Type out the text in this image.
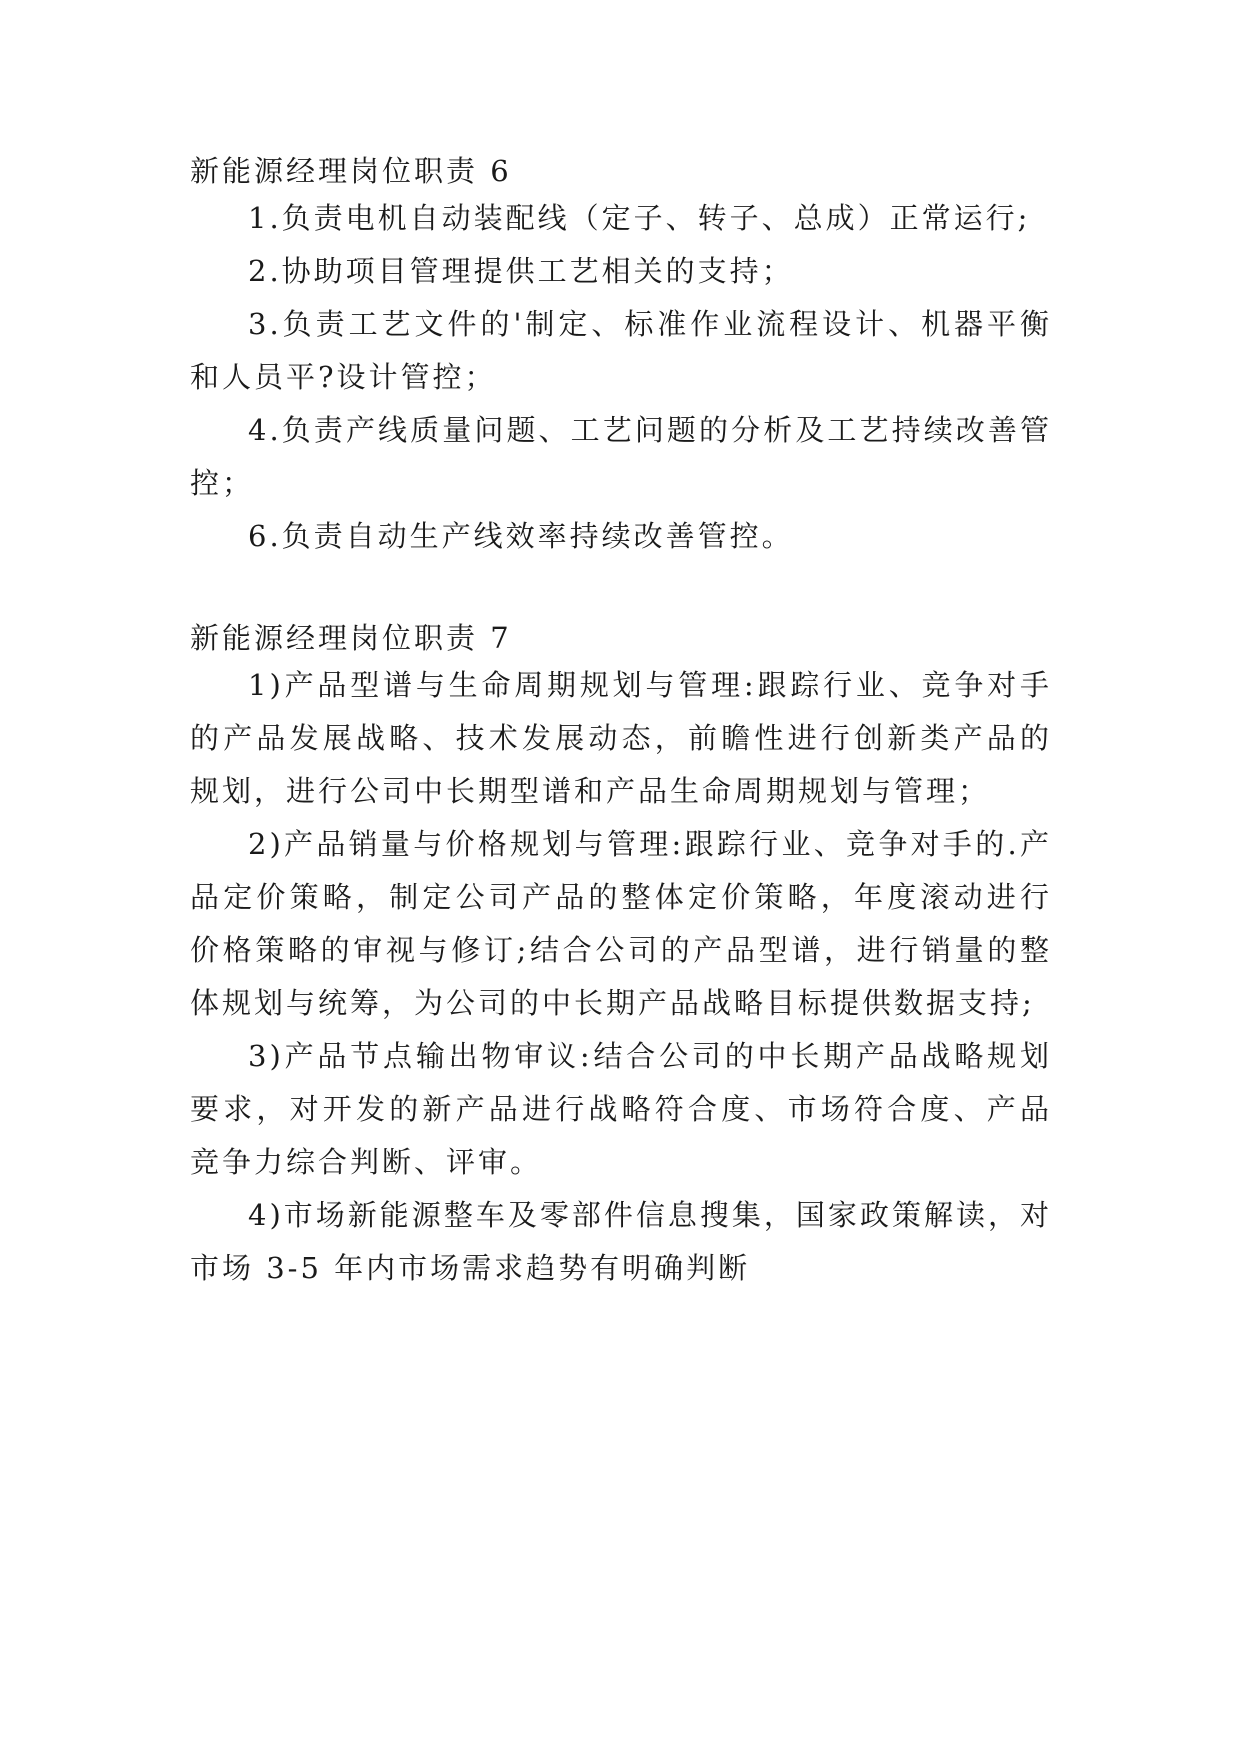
新能源经理岗位职责 6

1.负责电机自动装配线（定子、转子、总成）正常运行;

2.协助项目管理提供工艺相关的支持；

3.负责工艺文件的'制定、标准作业流程设计、机器平衡和人员平?设计管控；

4.负责产线质量问题、工艺问题的分析及工艺持续改善管控；

6.负责自动生产线效率持续改善管控。

新能源经理岗位职责 7

1)产品型谱与生命周期规划与管理:跟踪行业、竞争对手的产品发展战略、技术发展动态，前瞻性进行创新类产品的规划，进行公司中长期型谱和产品生命周期规划与管理；

2)产品销量与价格规划与管理:跟踪行业、竞争对手的.产品定价策略，制定公司产品的整体定价策略，年度滚动进行价格策略的审视与修订;结合公司的产品型谱，进行销量的整体规划与统筹，为公司的中长期产品战略目标提供数据支持;

3)产品节点输出物审议:结合公司的中长期产品战略规划要求，对开发的新产品进行战略符合度、市场符合度、产品竞争力综合判断、评审。

4)市场新能源整车及零部件信息搜集，国家政策解读，对市场 3-5 年内市场需求趋势有明确判断
